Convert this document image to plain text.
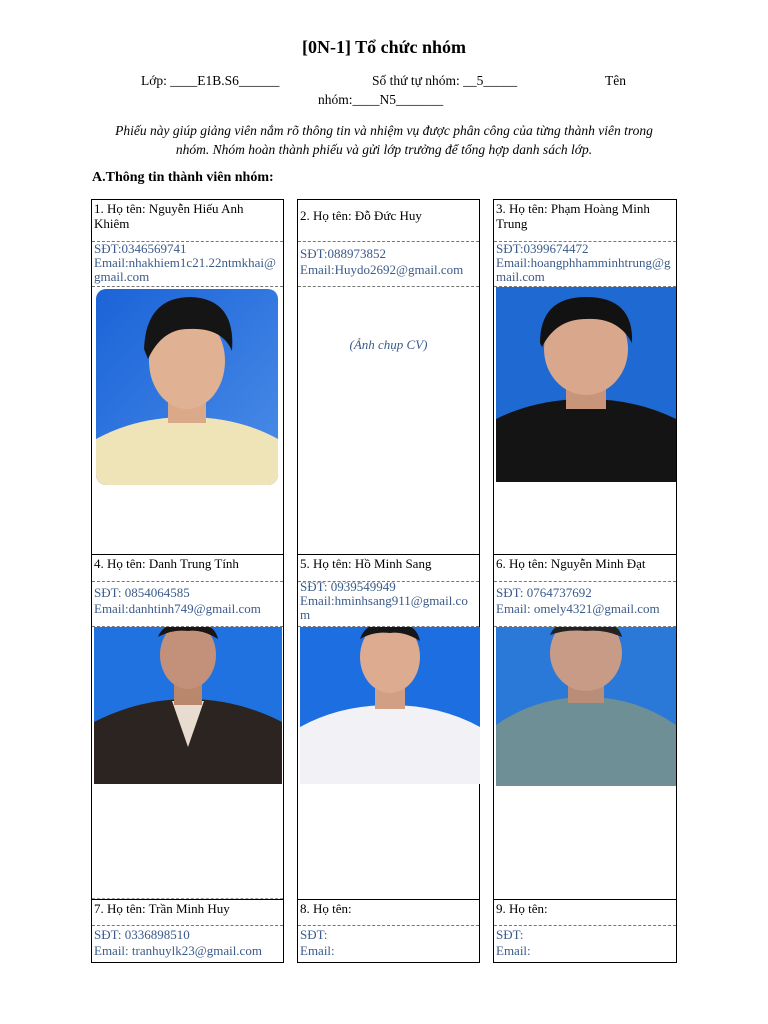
[0N-1] Tổ chức nhóm
Lớp: ____E1B.S6______	Số thứ tự nhóm: __5_____	Tên
nhóm:____N5_______
Phiếu này giúp giảng viên nắm rõ thông tin và nhiệm vụ được phân công của từng thành viên trong nhóm. Nhóm hoàn thành phiếu và gửi lớp trưởng để tổng hợp danh sách lớp.
A.Thông tin thành viên nhóm:
1. Họ tên: Nguyễn Hiếu Anh Khiêm
SĐT:0346569741
Email:nhakhiem1c21.22ntmkhai@gmail.com
2. Họ tên: Đỗ Đức Huy
SĐT:088973852
Email:Huydo2692@gmail.com
(Ảnh chụp CV)
3. Họ tên: Phạm Hoàng Minh Trung
SĐT:0399674472
Email:hoangphhamminhtrung@gmail.com
4. Họ tên: Danh Trung Tính
SĐT: 0854064585
Email:danhtinh749@gmail.com
5. Họ tên: Hồ Minh Sang
SĐT: 0939549949
Email:hminhsang911@gmail.com
6. Họ tên: Nguyễn Minh Đạt
SĐT: 0764737692
Email: omely4321@gmail.com
7. Họ tên: Trần Minh Huy
SĐT: 0336898510
Email: tranhuylk23@gmail.com
8. Họ tên:
SĐT:
Email:
9. Họ tên:
SĐT:
Email:
